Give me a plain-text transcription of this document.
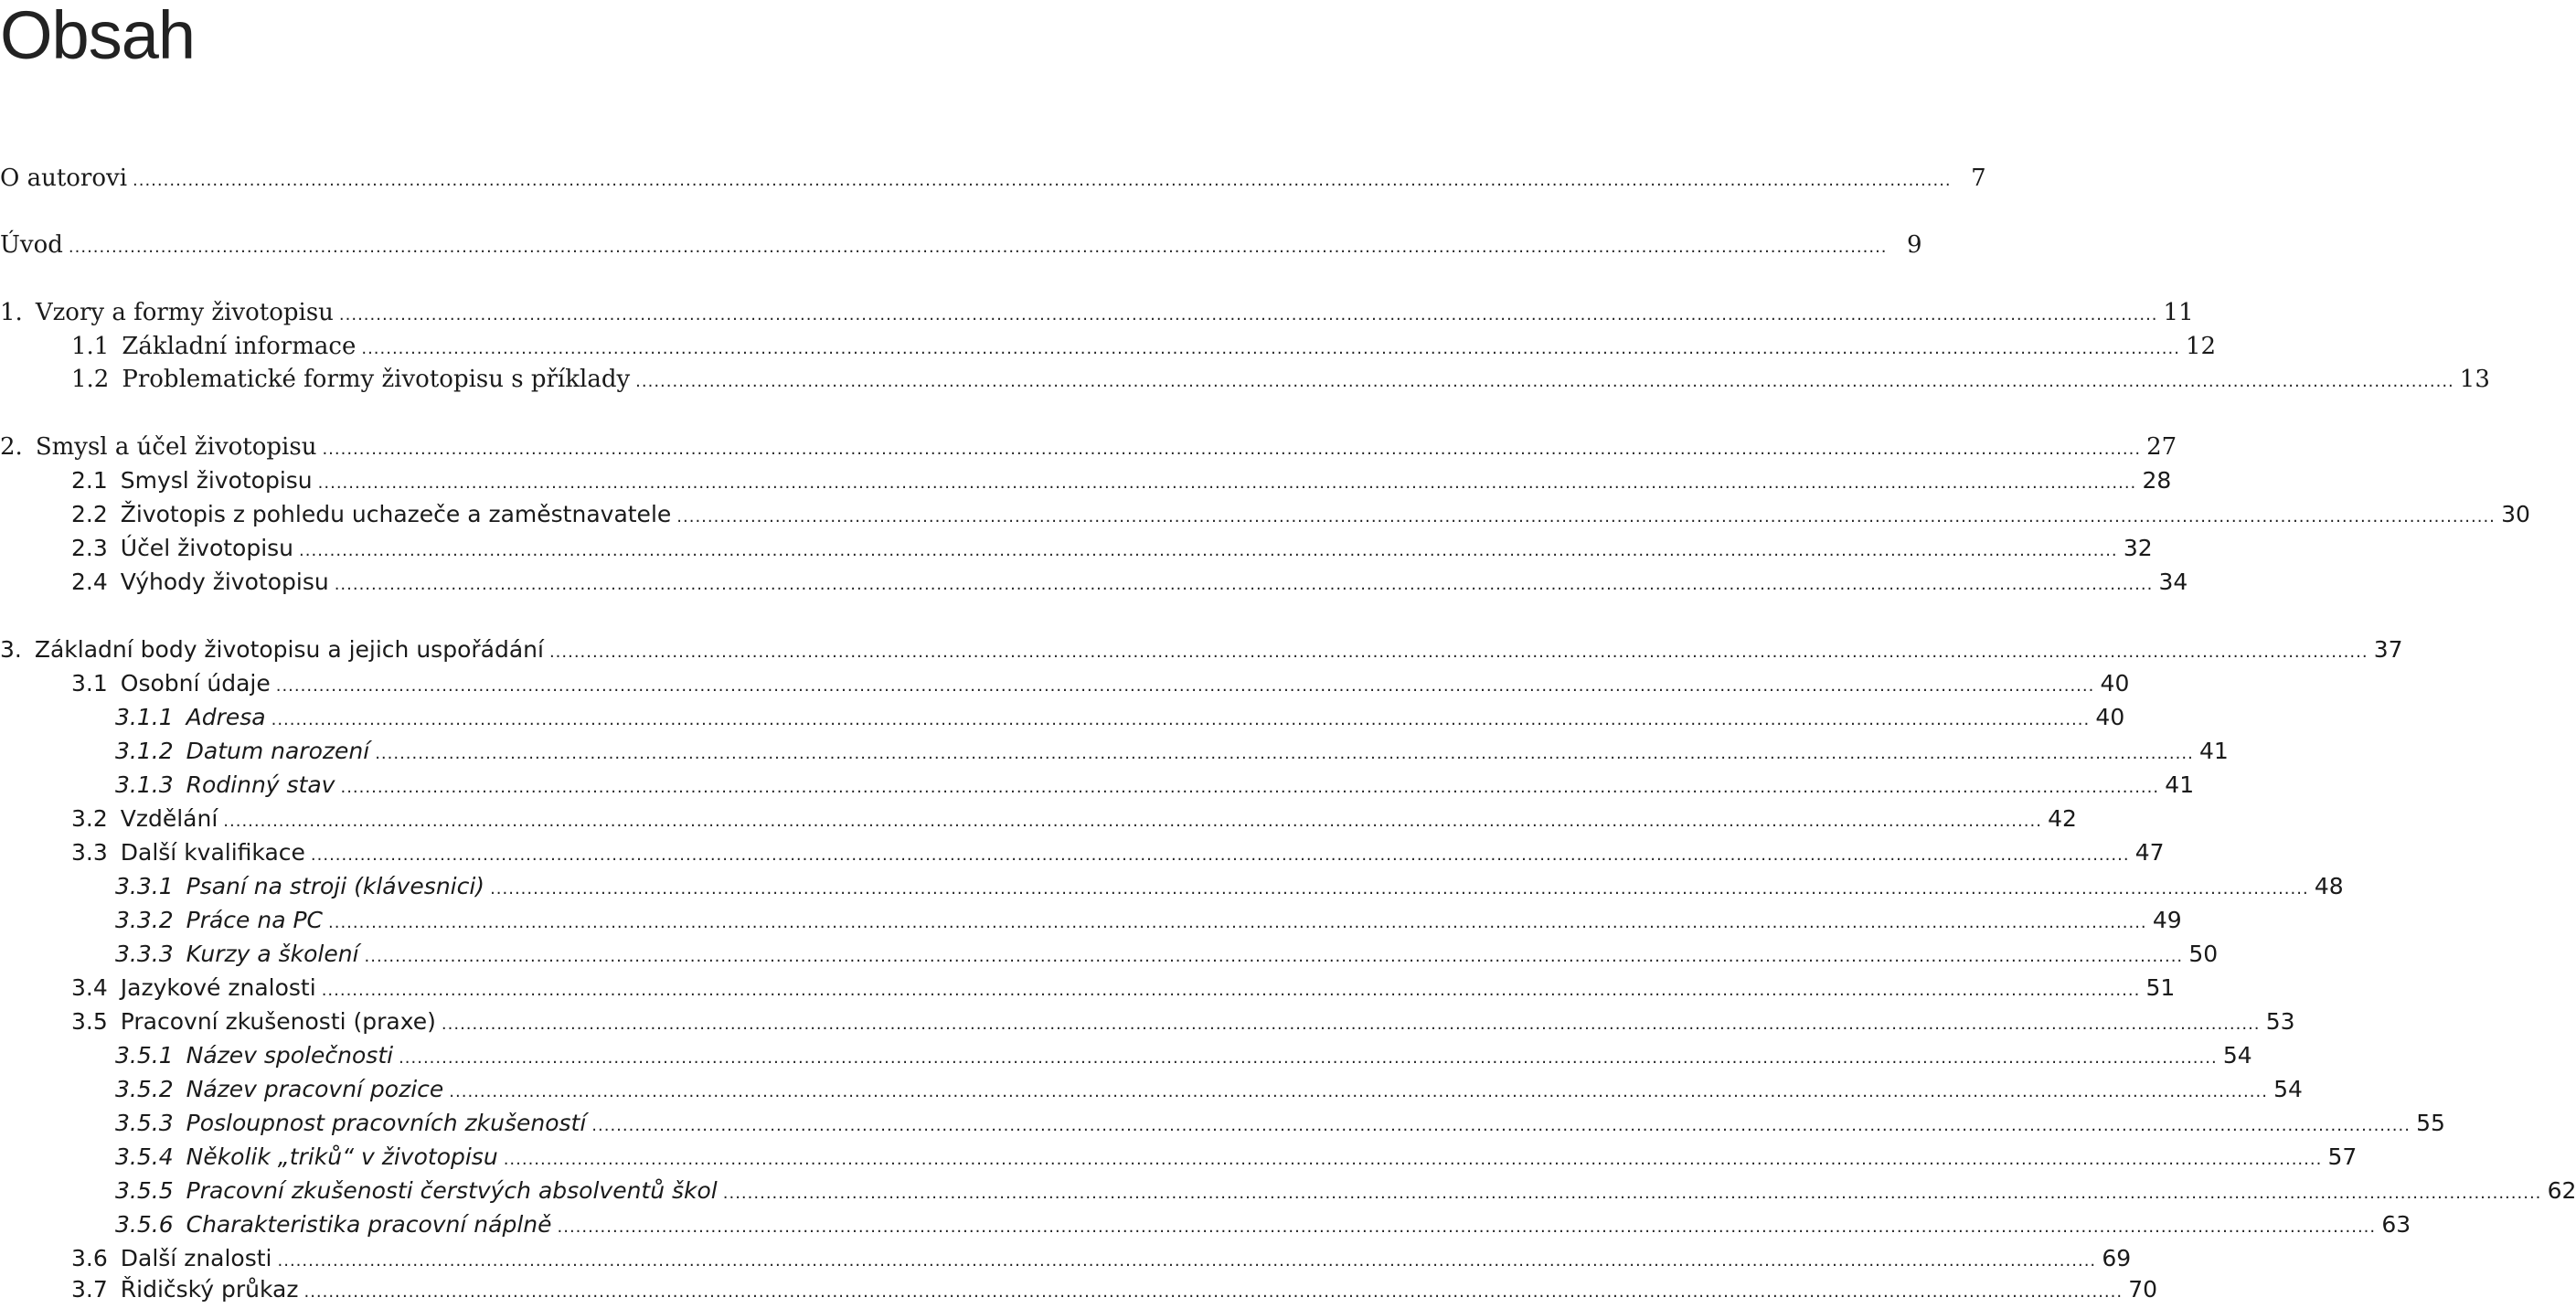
Obsah
O autorovi .....	7
Úvod .....	9
1. Vzory a formy životopisu .....	11
1.1 Základní informace .....	12
1.2 Problematické formy životopisu s příklady .....	13
2. Smysl a účel životopisu .....	27
2.1 Smysl životopisu .....	28
2.2 Životopis z pohledu uchazeče a zaměstnavatele .....	30
2.3 Účel životopisu .....	32
2.4 Výhody životopisu .....	34
3. Základní body životopisu a jejich uspořádání .....	37
3.1 Osobní údaje .....	40
3.1.1 Adresa .....	40
3.1.2 Datum narození .....	41
3.1.3 Rodinný stav .....	41
3.2 Vzdělání .....	42
3.3 Další kvalifikace .....	47
3.3.1 Psaní na stroji (klávesnici) .....	48
3.3.2 Práce na PC .....	49
3.3.3 Kurzy a školení .....	50
3.4 Jazykové znalosti .....	51
3.5 Pracovní zkušenosti (praxe) .....	53
3.5.1 Název společnosti .....	54
3.5.2 Název pracovní pozice .....	54
3.5.3 Posloupnost pracovních zkušeností .....	55
3.5.4 Několik „triků“ v životopisu .....	57
3.5.5 Pracovní zkušenosti čerstvých absolventů škol .....	62
3.5.6 Charakteristika pracovní náplně .....	63
3.6 Další znalosti .....	69
3.7 Řidičský průkaz .....	70
